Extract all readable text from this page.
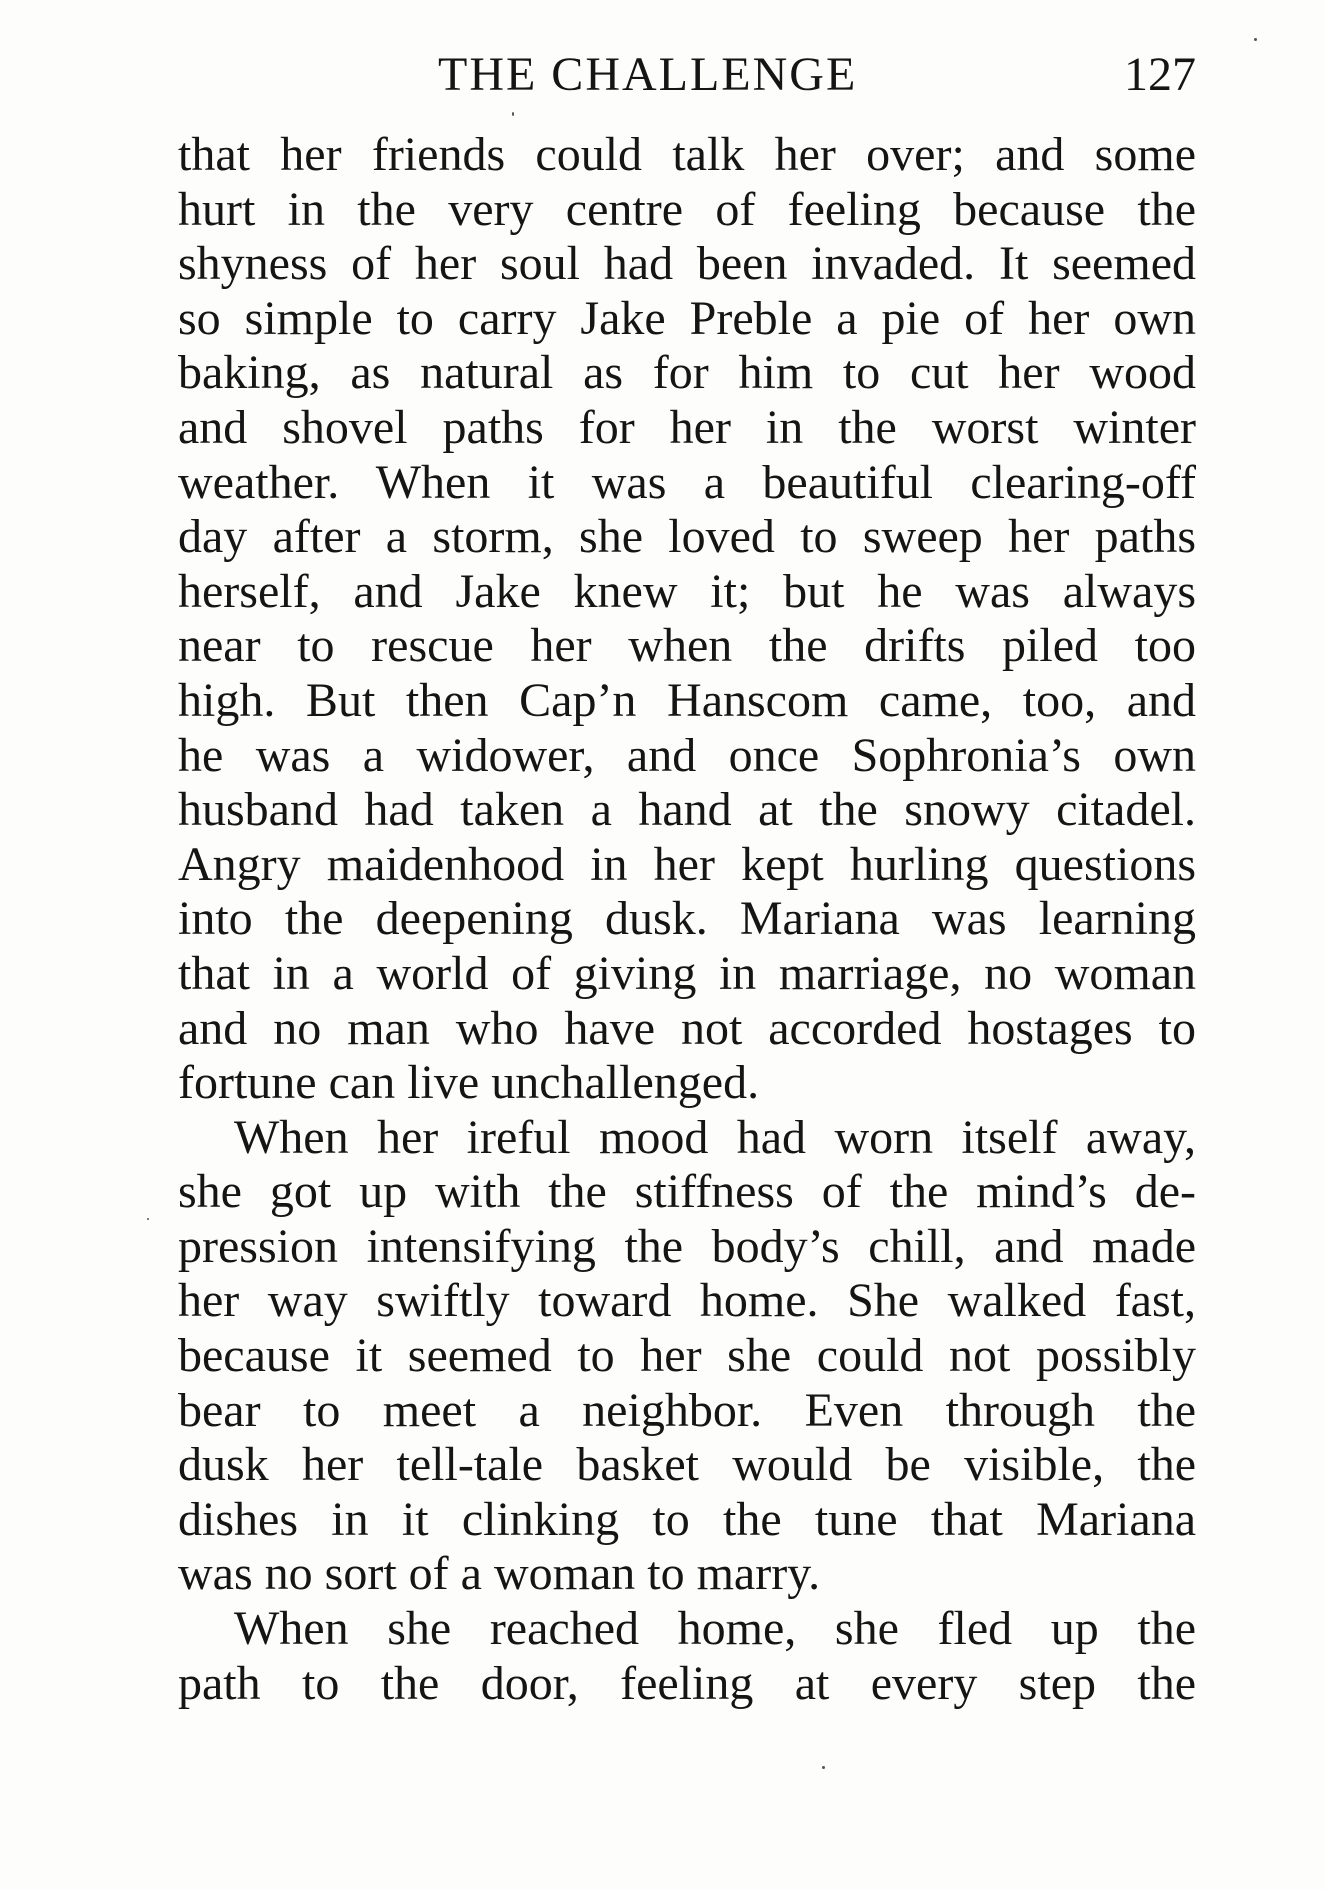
THE CHALLENGE	127
that her friends could talk her over; and some
hurt in the very centre of feeling because the
shyness of her soul had been invaded. It seemed
so simple to carry Jake Preble a pie of her own
baking, as natural as for him to cut her wood
and shovel paths for her in the worst winter
weather. When it was a beautiful clearing-off
day after a storm, she loved to sweep her paths
herself, and Jake knew it; but he was always
near to rescue her when the drifts piled too
high. But then Cap’n Hanscom came, too, and
he was a widower, and once Sophronia’s own
husband had taken a hand at the snowy citadel.
Angry maidenhood in her kept hurling questions
into the deepening dusk. Mariana was learning
that in a world of giving in marriage, no woman
and no man who have not accorded hostages to
fortune can live unchallenged.
When her ireful mood had worn itself away,
she got up with the stiffness of the mind’s de-
pression intensifying the body’s chill, and made
her way swiftly toward home. She walked fast,
because it seemed to her she could not possibly
bear to meet a neighbor. Even through the
dusk her tell-tale basket would be visible, the
dishes in it clinking to the tune that Mariana
was no sort of a woman to marry.
When she reached home, she fled up the
path to the door, feeling at every step the
